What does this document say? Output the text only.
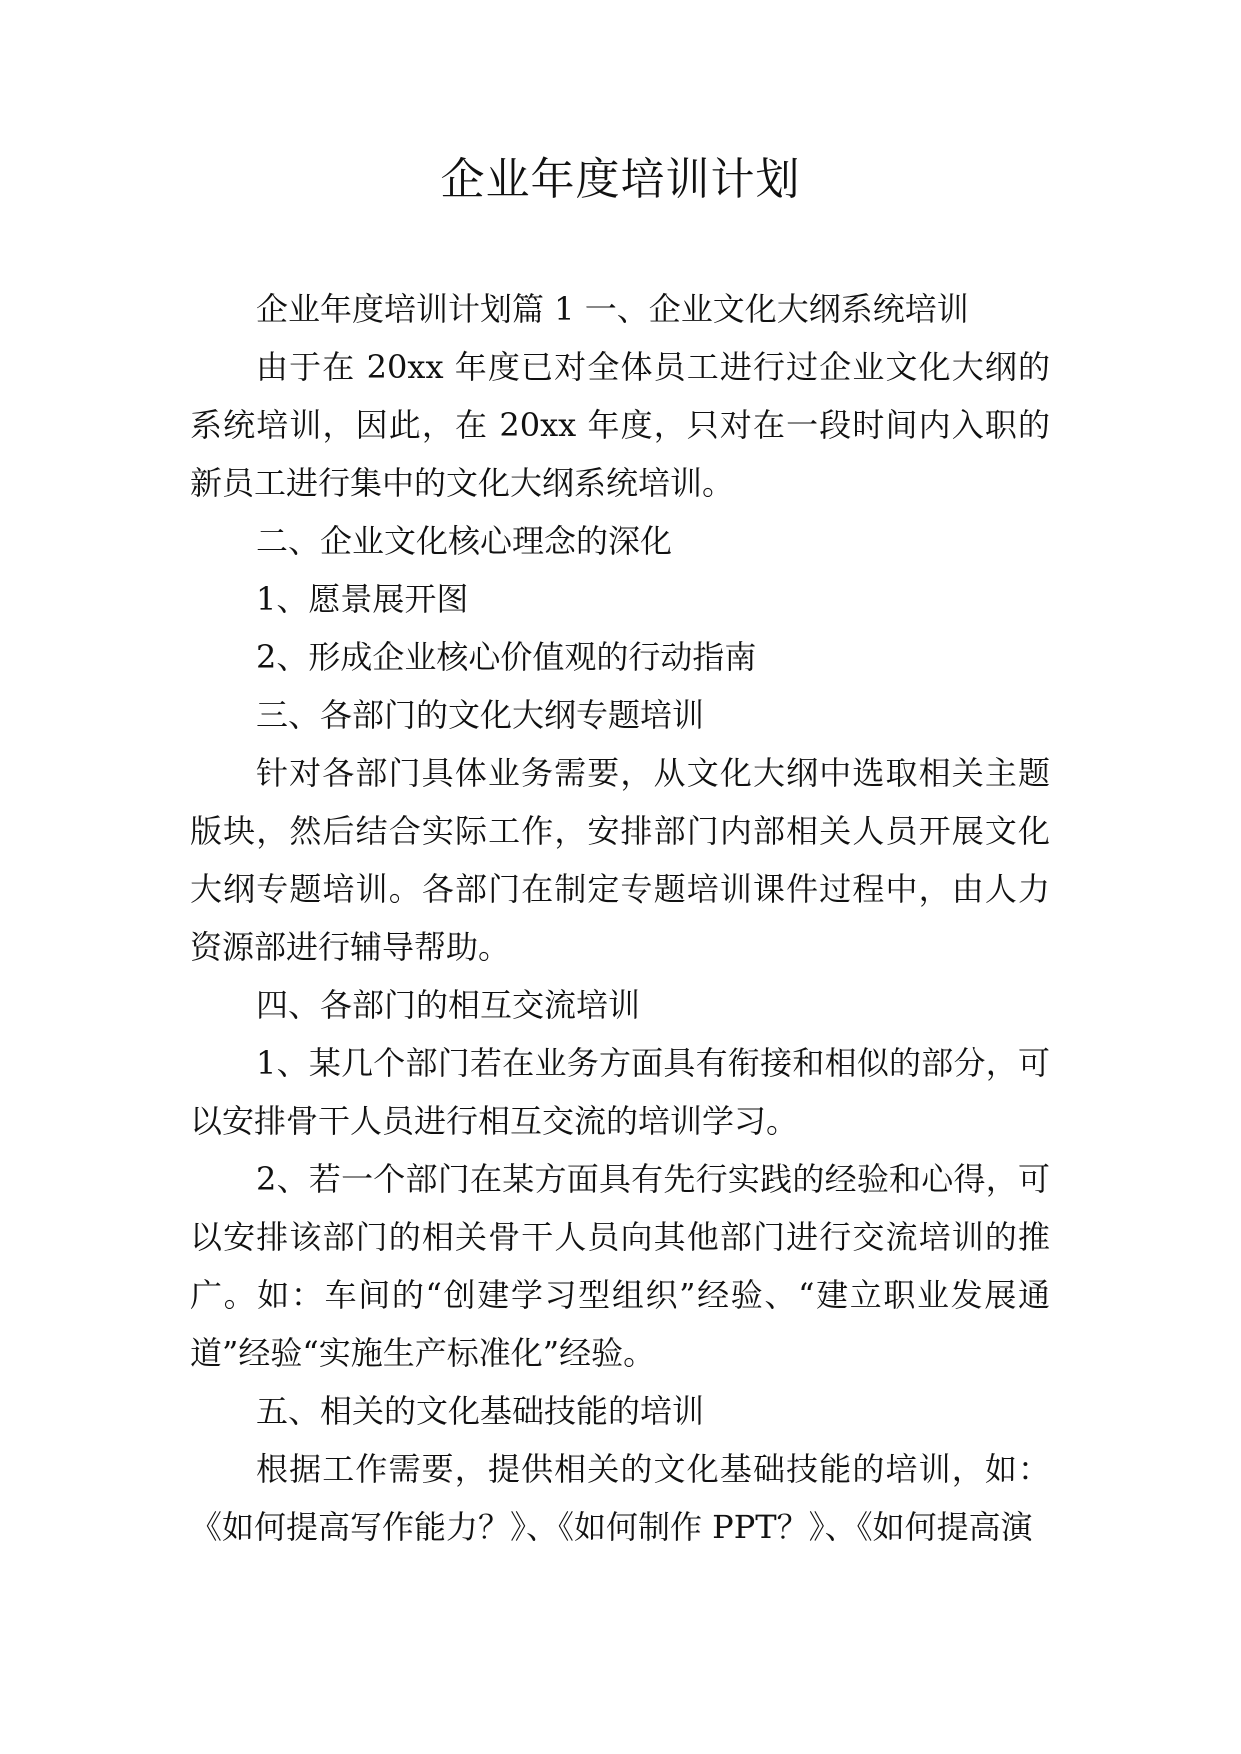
企业年度培训计划

企业年度培训计划篇 1 一、企业文化大纲系统培训

由于在 20xx 年度已对全体员工进行过企业文化大纲的系统培训，因此，在 20xx 年度，只对在一段时间内入职的新员工进行集中的文化大纲系统培训。

二、企业文化核心理念的深化

1、愿景展开图

2、形成企业核心价值观的行动指南

三、各部门的文化大纲专题培训

针对各部门具体业务需要，从文化大纲中选取相关主题版块，然后结合实际工作，安排部门内部相关人员开展文化大纲专题培训。各部门在制定专题培训课件过程中，由人力资源部进行辅导帮助。

四、各部门的相互交流培训

1、某几个部门若在业务方面具有衔接和相似的部分，可以安排骨干人员进行相互交流的培训学习。

2、若一个部门在某方面具有先行实践的经验和心得，可以安排该部门的相关骨干人员向其他部门进行交流培训的推广。如：车间的“创建学习型组织”经验、“建立职业发展通道”经验“实施生产标准化”经验。

五、相关的文化基础技能的培训

根据工作需要，提供相关的文化基础技能的培训，如：《如何提高写作能力？》、《如何制作 PPT？》、《如何提高演
